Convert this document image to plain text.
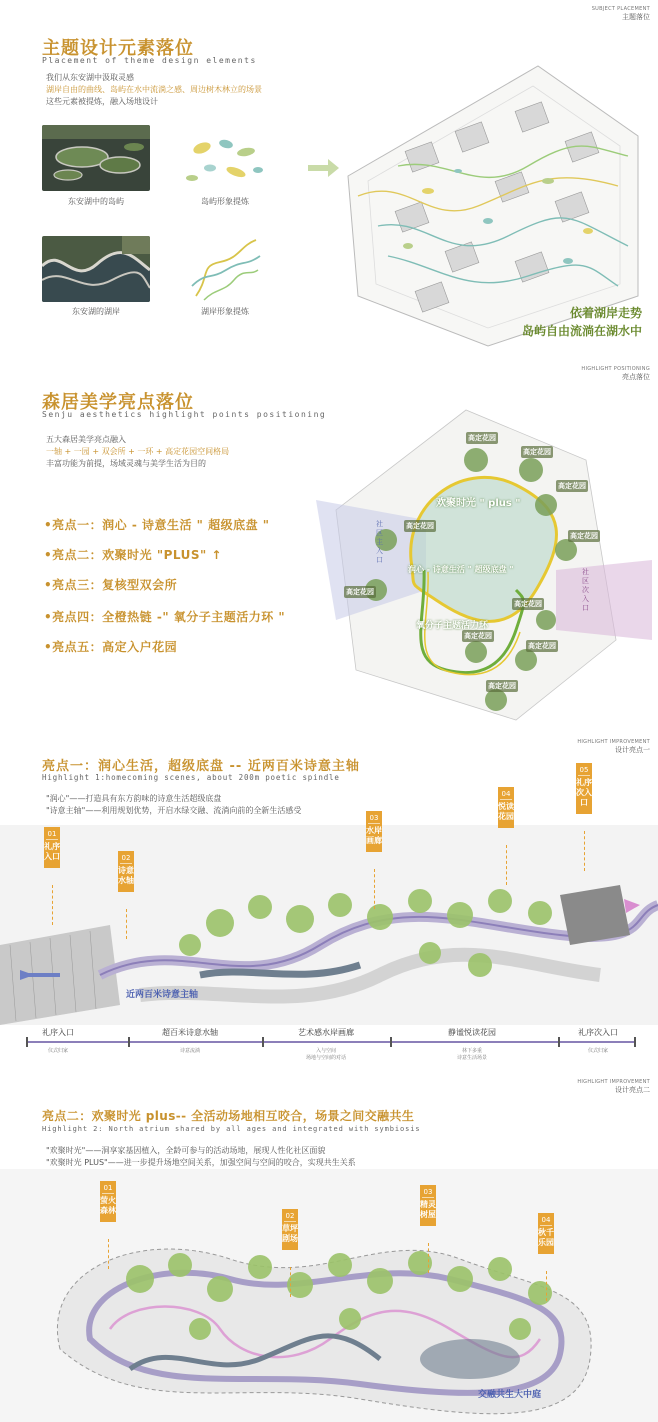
SUBJECT PLACEMENT
主题落位
主题设计元素落位
Placement of theme design elements
我们从东安湖中汲取灵感
湖岸自由的曲线、岛屿在水中流淌之感、周边树木林立的场景
这些元素被提炼，融入场地设计
东安湖中的岛屿	岛屿形象提炼
东安湖的湖岸	湖岸形象提炼	依着湖岸走势
岛屿自由流淌在湖水中
HIGHLIGHT POSITIONING
亮点落位
森居美学亮点落位
Senju aesthetics highlight points positioning
五大森居美学亮点融入
一轴 + 一园 + 双会所 + 一环 + 高定花园空间格局
丰富功能为前提，场域灵魂与美学生活为目的
•亮点一：润心 - 诗意生活 " 超级底盘 "
•亮点二：欢聚时光 "PLUS" ↑
•亮点三：复核型双会所
•亮点四：全橙热链 -" 氧分子主题活力环 "
•亮点五：高定入户花园
高定花园
高定花园
高定花园
高定花园
高定花园
高定花园
高定花园
高定花园
高定花园
高定花园
欢聚时光 " plus "
润心 - 诗意生活 " 超级底盘 "
氧分子主题活力环
社区主入口
社区次入口
HIGHLIGHT IMPROVEMENT
设计亮点一
亮点一：润心生活，超级底盘 -- 近两百米诗意主轴
Highlight 1:homecoming scenes, about 200m poetic spindle
"润心"——打造具有东方韵味的诗意生活超级底盘
"诗意主轴"——利用规划优势，开启水绿交融、流淌向前的全新生活感受
近两百米诗意主轴
01
礼序入口	02
诗意水轴
03
水岸画廊
04
悦读花园
05
礼序次入口
礼序入口
仪式归家
超百米诗意水轴
诗意流淌
艺术感水岸画廊
入与空间
场地与空间的对话
静谧悦读花园
林下多重
诗意生活场景
礼序次入口
仪式归家
HIGHLIGHT IMPROVEMENT
设计亮点二
亮点二：欢聚时光 plus-- 全活动场地相互咬合，场景之间交融共生
Highlight 2: North atrium shared by all ages and integrated with symbiosis
"欢聚时光"——洞享家基因植入，全龄可参与的活动场地，展现人性化社区面貌
"欢聚时光 PLUS"——进一步提升场地空间关系，加强空间与空间的咬合，实现共生关系
01
萤火森林
02
草坪剧场
03
精灵树屋
04
秋千乐园
交融共生大中庭
